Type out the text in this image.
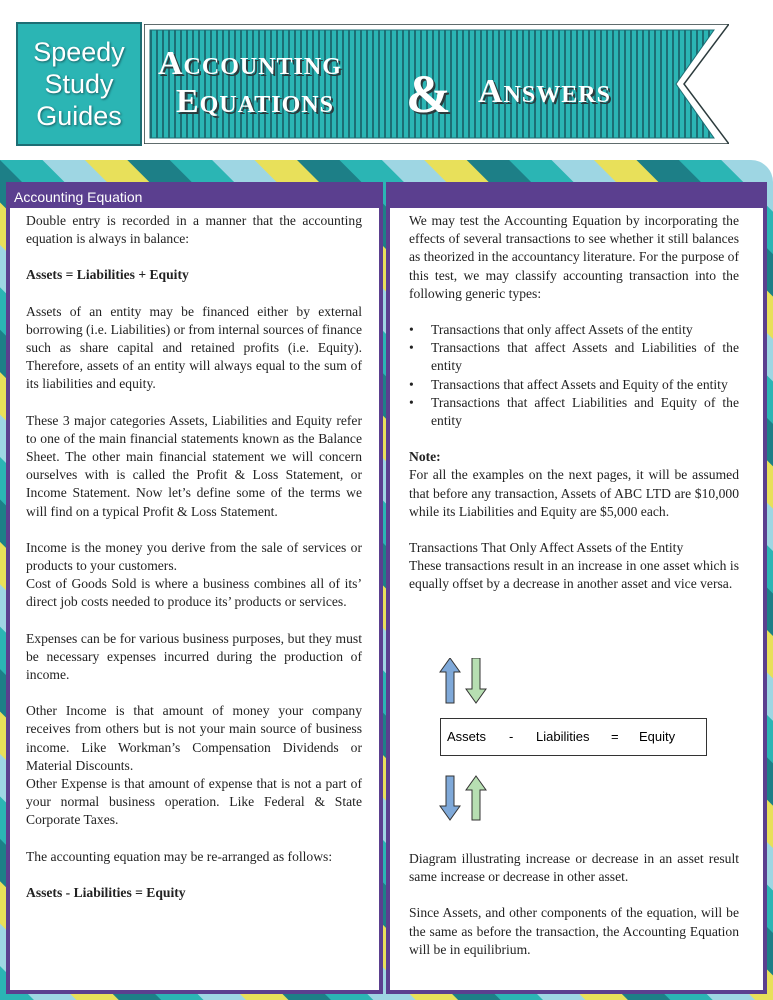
Speedy
Study
Guides
Accounting
Equations & Answers
Accounting Equation

Double entry is recorded in a manner that the accounting equation is always in balance:

Assets = Liabilities + Equity

Assets of an entity may be financed either by external borrowing (i.e. Liabilities) or from internal sources of finance such as share capital and retained profits (i.e. Equity). Therefore, assets of an entity will always equal to the sum of its liabilities and equity.

These 3 major categories Assets, Liabilities and Equity refer to one of the main financial statements known as the Balance Sheet. The other main financial statement we will concern ourselves with is called the Profit & Loss Statement, or Income Statement. Now let’s define some of the terms we will find on a typical Profit & Loss Statement.

Income is the money you derive from the sale of services or products to your customers.

Cost of Goods Sold is where a business combines all of its’ direct job costs needed to produce its’ products or services.

Expenses can be for various business purposes, but they must be necessary expenses incurred during the production of income.

Other Income is that amount of money your company receives from others but is not your main source of business income. Like Workman’s Compensation Dividends or Material Discounts.

Other Expense is that amount of expense that is not a part of your normal business operation. Like Federal & State Corporate Taxes.

The accounting equation may be re-arranged as follows:

Assets - Liabilities = Equity

We may test the Accounting Equation by incorporating the effects of several transactions to see whether it still balances as theorized in the accountancy literature. For the purpose of this test, we may classify accounting transaction into the following generic types:

• Transactions that only affect Assets of the entity
• Transactions that affect Assets and Liabilities of the entity
• Transactions that affect Assets and Equity of the entity
• Transactions that affect Liabilities and Equity of the entity

Note:

For all the examples on the next pages, it will be assumed that before any transaction, Assets of ABC LTD are $10,000 while its Liabilities and Equity are $5,000 each.

Transactions That Only Affect Assets of the Entity

These transactions result in an increase in one asset which is equally offset by a decrease in another asset and vice versa.

Assets - Liabilities = Equity

Diagram illustrating increase or decrease in an asset result same increase or decrease in other asset.

Since Assets, and other components of the equation, will be the same as before the transaction, the Accounting Equation will be in equilibrium.
